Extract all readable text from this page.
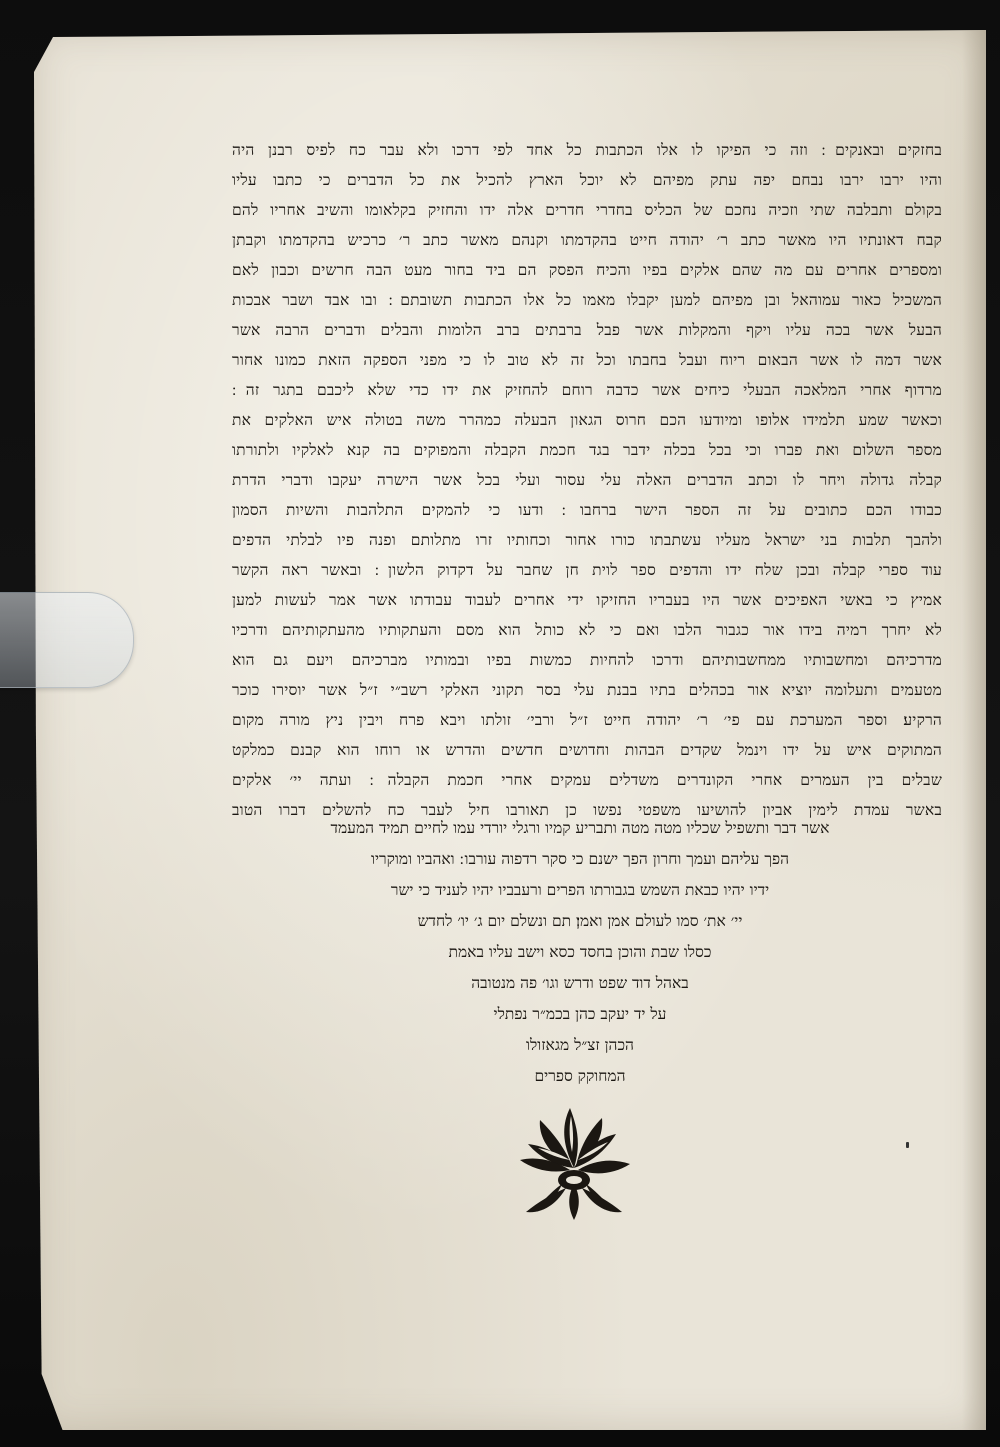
בחזקים ובאנקים ׃ וזה כי הפיקו לו אלו הכתבות כל אחד לפי דרכו ולא עבר כח לפיס רבנן היה
והיו ירבו ירבו נבחם יפה עתק מפיהם לא יוכל הארץ להכיל את כל הדברים כי כתבו עליו
בקולם ותבלבה שתי וזכיה נחכם של הכליס בחדרי חדרים אלה ידו והחזיק בקלאומו והשיב אחריו להם
קבח דאונתיו היו מאשר כתב ר׳ יהודה חייט בהקדמתו וקנהם מאשר כתב ר׳ כרכיש בהקדמתו וקבתן
ומספרים אחרים עם מה שהם אלקים בפיו והכיח הפסק הם ביד בחור מעט הבה חרשים וכבון לאם
המשכיל כאור עמוהאל ובן מפיהם למען יקבלו מאמו כל אלו הכתבות תשובתם ׃ ובו אבד ושבר אבכות
הבעל אשר בכה עליו ויקף והמקלות אשר פבל ברבתים ברב הלומות והבלים ודברים הרבה אשר
אשר דמה לו אשר הבאום ריוח ועבל בחבתו וכל זה לא טוב לו כי מפני הספקה הזאת כמונו אחור
מרדוף אחרי המלאכה הבעלי כיחים אשר כדבה רוחם להחזיק את ידו כדי שלא ליכבם בתגר זה ׃
וכאשר שמע תלמידו אלופו ומיודעו הכם חרוס הגאון הבעלה כמהרר משה בטולה איש האלקים את
מספר השלום ואת פברו וכי בכל בכלה ידבר בגד חכמת הקבלה והמפוקים בה קנא לאלקיו ולתורתו
קבלה גדולה ויחר לו וכתב הדברים האלה עלי עסור ועלי בכל אשר הישרה יעקבו ודברי הדרת
כבודו הכם כתובים על זה הספר הישר ברחבו ׃ ודעו כי להמקים התלהבות והשיות הסמון
ולהבך תלבות בני ישראל מעליו עשתבתו כורו אחור וכחותיו זרו מתלותם ופנה פיו לבלתי הדפים
עוד ספרי קבלה ובכן שלח ידו והדפים ספר לוית חן שחבר על דקדוק הלשון ׃ ובאשר ראה הקשר
אמיץ כי באשי האפיכים אשר היו בעבריו החזיקו ידי אחרים לעבוד עבודתו אשר אמר לעשות למען
לא יחרך רמיה בידו אור כגבור הלבו ואם כי לא כותל הוא מסם והעתקותיו מהעתקותיהם ודרכיו
מדרכיהם ומחשבותיו ממחשבותיהם ודרכו להחיות כמשות בפיו ובמותיו מברכיהם ויעם גם הוא
מטעמים ותעלומה יוציא אור בכהלים בתיו בבנת עלי בסר תקוני האלקי רשב״י ז״ל אשר יוסירו כוכר
הרקיע׃ וספר המערכת עם פי׳ ר׳ יהודה חייט ז״ל ורבי׳ זולתו ויבא פרח ויבין ניץ מורה מקום
המתוקים איש על ידו וינמל שקדים הבהות וחדושים חדשים והדרש או רוחו הוא קבנם כמלקט
שבלים בין העמרים אחרי הקונדרים משדלים עמקים אחרי חכמת הקבלה ׃ ועתה יי׳ אלקים
באשר עמדת לימין אביון להושיעו משפטי נפשו כן תאורבו חיל לעבר כח להשלים דברו הטוב
אשר דבר ותשפיל שכליו מטה מטה ותבריע קמיו ורגלי יורדי עמו לחיים תמיד המעמד
הפך עליהם ועמך וחרון הפך ישנם כי סקר רדפוה עורבו ׃ ואהביו ומוקריו
ידיו יהיו כבאת השמש בגבורתו הפרים ורעבביו יהיו לעניד כי ישר
יי׳ את׳ סמו לעולם אמן ואמן׃ תם ונשלם יום ג׳ יו׳ לחדש
כסלו שבת והוכן בחסד כסא וישב עליו באמת
באהל דוד שפט ודרש וגו׳ פה מנטובה
על יד יעקב כהן בכמ״ר נפתלי
הכהן זצ״ל מגאזולו
המחוקק ספרים
